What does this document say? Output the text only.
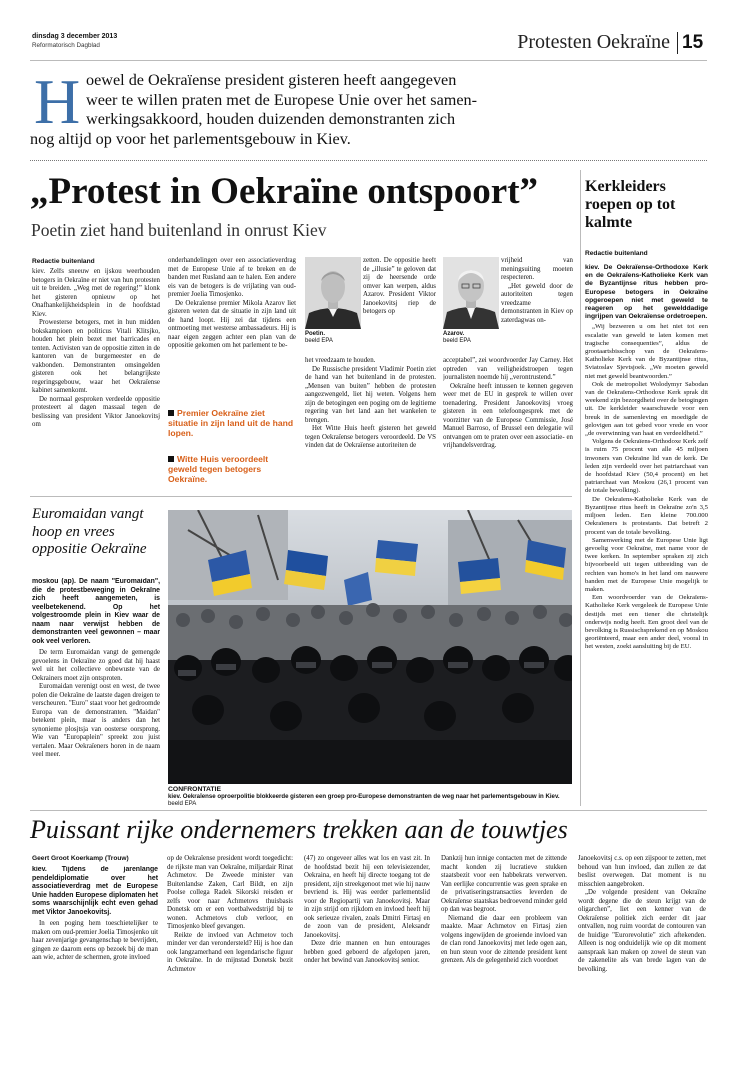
dinsdag 3 december 2013
Reformatorisch Dagblad	Protesten Oekraïne 15
H oewel de Oekraïense president gisteren heeft aangegeven
weer te willen praten met de Europese Unie over het samen-
werkingsakkoord, houden duizenden demonstranten zich
nog altijd op voor het parlementsgebouw in Kiev.
„Protest in Oekraïne ontspoort”
Poetin ziet hand buitenland in onrust Kiev
Redactie buitenland

kiev. Zelfs sneeuw en ijskou weerhouden betogers in Oekraïne er niet van hun protesten uit te breiden. „Weg met de regering!” klonk het gisteren opnieuw op het Onafhankelijkheidsplein in de hoofdstad Kiev.

Prowesterse betogers, met in hun midden bokskampioen en politicus Vitali Klitsjko, houden het plein bezet met barricades en tenten. Activisten van de oppositie zitten in de kantoren van de burgemeester en de vakbonden. Demonstranten omsingelden gisteren ook het belangrijkste regeringsgebouw, waar het Oekraïense kabinet samenkomt.

De normaal gesproken verdeelde oppositie protesteert al dagen massaal tegen de beslissing van president Viktor Janoekovitsj om

onderhandelingen over een associatieverdrag met de Europese Unie af te breken en de banden met Rusland aan te halen. Een andere eis van de betogers is de vrijlating van oud-premier Joelia Timosjenko.

De Oekraïense premier Mikola Azarov liet gisteren weten dat de situatie in zijn land uit de hand loopt. Hij zei dat tijdens een ontmoeting met westerse ambassadeurs. Hij is naar eigen zeggen achter een plan van de oppositie gekomen om het parlement te be-

Premier Oekraïne ziet situatie in zijn land uit de hand lopen.
Witte Huis veroordeelt geweld tegen betogers Oekraïne.
Poetin.
beeld EPA

zetten. De oppositie heeft de „illusie” te geloven dat zij de heersende orde omver kan werpen, aldus Azarov. President Viktor Janoekovitsj riep de betogers op

het vreedzaam te houden.

De Russische president Vladimir Poetin ziet de hand van het buitenland in de protesten. „Mensen van buiten” hebben de protesten aangezwengeld, liet hij weten. Volgens hem zijn de betogingen een poging om de legitieme regering van het land aan het wankelen te brengen.

Het Witte Huis heeft gisteren het geweld tegen Oekraïense betogers veroordeeld. De VS vinden dat de Oekraïense autoriteiten de

Azarov.
beeld EPA

vrijheid van meningsuiting moeten respecteren.

„Het geweld door de autoriteiten tegen vreedzame demonstranten in Kiev op zaterdagwas on-

acceptabel”, zei woordvoerder Jay Carney. Het optreden van veiligheidstroepen tegen journalisten noemde hij „verontrustend.”

Oekraïne heeft intussen te kennen gegeven weer met de EU in gesprek te willen over toenadering. President Janoekovitsj vroeg gisteren in een telefoongesprek met de voorzitter van de Europese Commissie, José Manuel Barroso, of Brussel een delegatie wil ontvangen om te praten over een associatie- en vrijhandelsverdrag.

Kerkleiders roepen op tot kalmte
Redactie buitenland

kiev. De Oekraïense-Orthodoxe Kerk en de Oekraïens-Katholieke Kerk van de Byzantijnse ritus hebben pro-Europese betogers in Oekraïne opgeroepen niet met geweld te reageren op het gewelddadige ingrijpen van Oekraïense ordetroepen.

„Wij bezweren u om het niet tot een escalatie van geweld te laten komen met tragische consequenties”, aldus de grootaartsbisschop van de Oekraïens-Katholieke Kerk van de Byzantijnse ritus, Sviatoslav Sjevtsjoek. „We moeten geweld niet met geweld beantwoorden.”

Ook de metropoliet Wolodymyr Sabodan van de Oekraïens-Orthodoxe Kerk sprak dit weekend zijn bezorgdheid over de betogingen uit. De kerkleider waarschuwde voor een breuk in de samenleving en moedigde de gelovigen aan tot gebed voor vrede en voor „de overwinning van haat en verdeeldheid.”

Volgens de Oekraïens-Orthodoxe Kerk zelf is ruim 75 procent van alle 45 miljoen inwoners van Oekraïne lid van de kerk. De leden zijn verdeeld over het patriarchaat van de hoofdstad Kiev (50,4 procent) en het patriarchaat van Moskou (26,1 procent van de totale bevolking).

De Oekraïens-Katholieke Kerk van de Byzantijnse ritus heeft in Oekraïne zo'n 3,5 miljoen leden. Een kleine 700.000 Oekraïeners is protestants. Dat betreft 2 procent van de totale bevolking.

Samenwerking met de Europese Unie ligt gevoelig voor Oekraïne, met name voor de twee kerken. In september spraken zij zich bijvoorbeeld uit tegen uitbreiding van de rechten van homo's in het land om nauwere banden met de Europese Unie mogelijk te maken.

Een woordvoerder van de Oekraïens-Katholieke Kerk vergeleek de Europese Unie destijds met een tiener die christelijk onderwijs nodig heeft. Een groot deel van de bevolking is Russischsprekend en op Moskou georiënteerd, maar een ander deel, vooral in het westen, zoekt aansluiting bij de EU.

Euromaidan vangt hoop en vrees oppositie Oekraïne

moskou (ap). De naam "Euromaidan", die de protestbeweging in Oekraïne zich heeft aangemeten, is veelbetekenend. Op het volgestroomde plein in Kiev waar de naam naar verwijst hebben de demonstranten veel gewonnen – maar ook veel verloren.

De term Euromaidan vangt de gemengde gevoelens in Oekraïne zo goed dat hij haast wel uit het collectieve onbewuste van de Oekrainers moet zijn ontsproten.

Euromaidan verenigt oost en west, de twee polen die Oekraïne de laatste dagen dreigen te verscheuren. "Euro" staat voor het gedroomde Europa van de demonstranten. "Maidan" betekent plein, maar is anders dan het synonieme plosjtsja van oosterse oorsprong. Wie van "Europaplein" spreekt zou juist vertalen. Maar Oekraïeners horen in de naam veel meer.

CONFRONTATIE
kiev. Oekraïense oproerpolitie blokkeerde gisteren een groep pro-Europese demonstranten de weg naar het parlementsgebouw in Kiev. beeld EPA
Puissant rijke ondernemers trekken aan de touwtjes
Geert Groot Koerkamp (Trouw)

kiev. Tijdens de jarenlange pendeldiplomatie over het associatieverdrag met de Europese Unie hadden Europese diplomaten het soms waarschijnlijk echt even gehad met Viktor Janoekovitsj.

In een poging hem toeschietelijker te maken om oud-premier Joelia Timosjenko uit haar zevenjarige gevangenschap te bevrijden, gingen ze daarom eens op bezoek bij de man aan wie, achter de schermen, grote invloed

op de Oekraïense president wordt toegedicht: de rijkste man van Oekraïne, miljardair Rinat Achmetov. De Zweede minister van Buitenlandse Zaken, Carl Bildt, en zijn Poolse collega Radek Sikorski reisden er zelfs voor naar Achmetovs thuisbasis Donetsk om er een voetbalwedstrijd bij te wonen. Achmetovs club verloor, en Timosjenko bleef gevangen.

Reikte de invloed van Achmetov toch minder ver dan verondersteld? Hij is hoe dan ook langzamerhand een legendarische figuur in Oekraïne. In de mijnstad Donetsk bezit Achmetov

(47) zo ongeveer alles wat los en vast zit. In de hoofdstad bezit hij een televisiezender, Oekraina, en heeft hij directe toegang tot de president, zijn streekgenoot met wie hij nauw bevriend is. Hij was eerder parlementslid voor de Regiopartij van Janoekovitsj. Maar in zijn strijd om rijkdom en invloed heeft hij ook serieuze rivalen, zoals Dmitri Firtasj en de zoon van de president, Aleksandr Janoekovitsj.

Deze drie mannen en hun entourages hebben goed geboerd de afgelopen jaren, onder het bewind van Janoekovitsj senior.

Dankzij hun innige contacten met de zittende macht konden zij lucratieve stukken staatsbezit voor een habbekrats verwerven. Van eerlijke concurrentie was geen sprake en de privatiseringstransacties leverden de Oekraïense staatskas bedroevend minder geld op dan was begroot.

Niemand die daar een probleem van maakte. Maar Achmetov en Firtasj zien volgens ingewijden de groeiende invloed van de clan rond Janoekovitsj met lede ogen aan, en hun steun voor de zittende president kent grenzen. Als de gelegenheid zich voordoet

Janoekovitsj c.s. op een zijspoor te zetten, met behoud van hun invloed, dan zullen ze dat beslist overwegen. Dat moment is nu misschien aangebroken.

„De volgende president van Oekraïne wordt degene die de steun krijgt van de oligarchen”, liet een kenner van de Oekraïense politiek zich eerder dit jaar ontvallen, nog ruim voordat de contouren van de huidige "Eurorevolutie" zich aftekenden. Alleen is nog onduidelijk wie op dit moment aanspraak kan maken op zowel de steun van de zakenelite als van brede lagen van de bevolking.
